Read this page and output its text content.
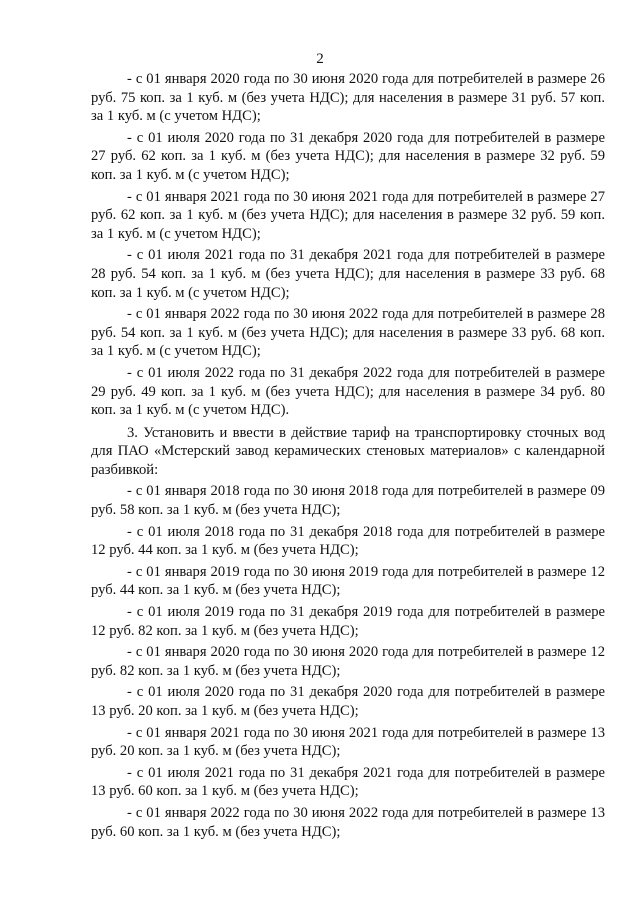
2

- с 01 января 2020 года по 30 июня 2020 года для потребителей в размере 26 руб. 75 коп. за 1 куб. м (без учета НДС); для населения в размере 31 руб. 57 коп. за 1 куб. м (с учетом НДС);

- с 01 июля 2020 года по 31 декабря 2020 года для потребителей в размере 27 руб. 62 коп. за 1 куб. м (без учета НДС); для населения в размере 32 руб. 59 коп. за 1 куб. м (с учетом НДС);

- с 01 января 2021 года по 30 июня 2021 года для потребителей в размере 27 руб. 62 коп. за 1 куб. м (без учета НДС); для населения в размере 32 руб. 59 коп. за 1 куб. м (с учетом НДС);

- с 01 июля 2021 года по 31 декабря 2021 года для потребителей в размере 28 руб. 54 коп. за 1 куб. м (без учета НДС); для населения в размере 33 руб. 68 коп. за 1 куб. м (с учетом НДС);

- с 01 января 2022 года по 30 июня 2022 года для потребителей в размере 28 руб. 54 коп. за 1 куб. м (без учета НДС); для населения в размере 33 руб. 68 коп. за 1 куб. м (с учетом НДС);

- с 01 июля 2022 года по 31 декабря 2022 года для потребителей в размере 29 руб. 49 коп. за 1 куб. м (без учета НДС); для населения в размере 34 руб. 80 коп. за 1 куб. м (с учетом НДС).

3. Установить и ввести в действие тариф на транспортировку сточных вод для ПАО «Мстерский завод керамических стеновых материалов» с календарной разбивкой:

- с 01 января 2018 года по 30 июня 2018 года для потребителей в размере 09 руб. 58 коп. за 1 куб. м (без учета НДС);

- с 01 июля 2018 года по 31 декабря 2018 года для потребителей в размере 12 руб. 44 коп. за 1 куб. м (без учета НДС);

- с 01 января 2019 года по 30 июня 2019 года для потребителей в размере 12 руб. 44 коп. за 1 куб. м (без учета НДС);

- с 01 июля 2019 года по 31 декабря 2019 года для потребителей в размере 12 руб. 82 коп. за 1 куб. м (без учета НДС);

- с 01 января 2020 года по 30 июня 2020 года для потребителей в размере 12 руб. 82 коп. за 1 куб. м (без учета НДС);

- с 01 июля 2020 года по 31 декабря 2020 года для потребителей в размере 13 руб. 20 коп. за 1 куб. м (без учета НДС);

- с 01 января 2021 года по 30 июня 2021 года для потребителей в размере 13 руб. 20 коп. за 1 куб. м (без учета НДС);

- с 01 июля 2021 года по 31 декабря 2021 года для потребителей в размере 13 руб. 60 коп. за 1 куб. м (без учета НДС);

- с 01 января 2022 года по 30 июня 2022 года для потребителей в размере 13 руб. 60 коп. за 1 куб. м (без учета НДС);
